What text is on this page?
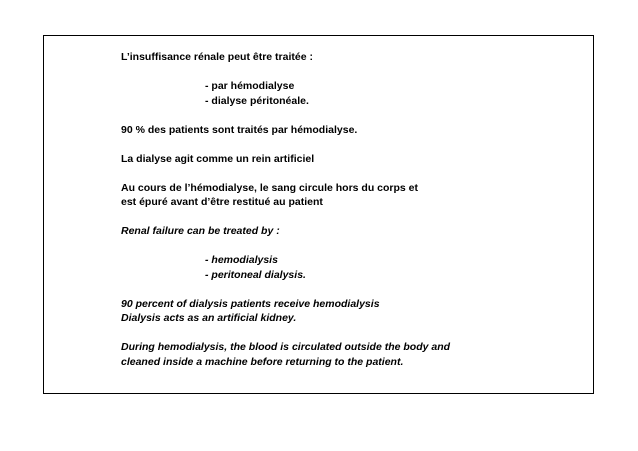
L’insuffisance rénale peut être traitée :

- par hémodialyse

- dialyse péritonéale.

90 % des patients sont traités par hémodialyse.

La dialyse agit comme un rein artificiel

Au cours de l’hémodialyse, le sang circule hors du corps et

est épuré avant d’être restitué au patient

Renal failure can be treated by :

- hemodialysis

- peritoneal dialysis.

90 percent of dialysis patients receive hemodialysis

Dialysis acts as an artificial kidney.

During hemodialysis, the blood is circulated outside the body and

cleaned inside a machine before returning to the patient.
